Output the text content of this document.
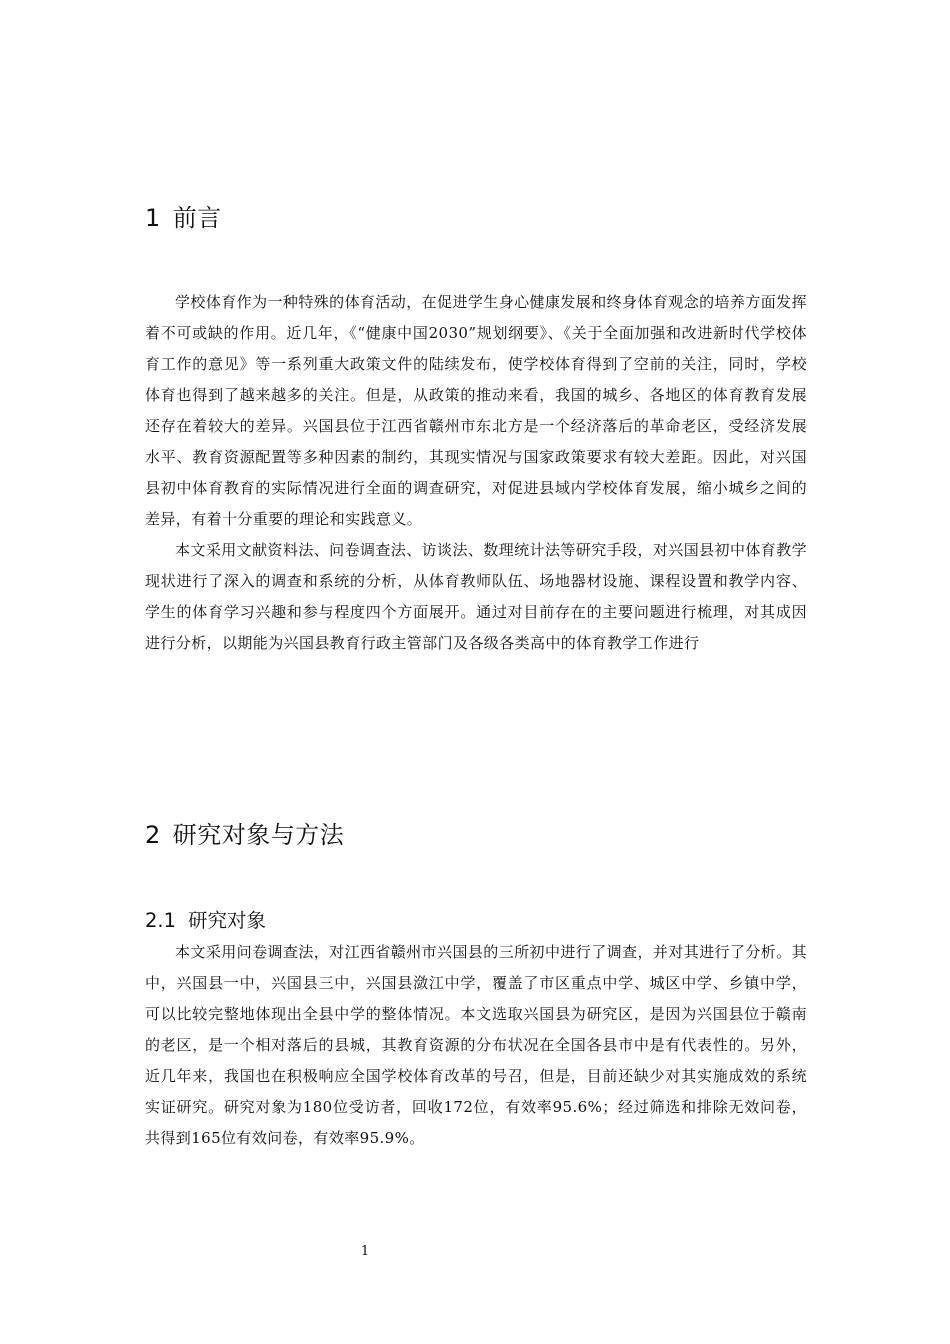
1 前言

学校体育作为一种特殊的体育活动，在促进学生身心健康发展和终身体育观念的培养方面发挥着不可或缺的作用。近几年，《“健康中国2030”规划纲要》、《关于全面加强和改进新时代学校体育工作的意见》等一系列重大政策文件的陆续发布，使学校体育得到了空前的关注，同时，学校体育也得到了越来越多的关注。但是，从政策的推动来看，我国的城乡、各地区的体育教育发展还存在着较大的差异。兴国县位于江西省赣州市东北方是一个经济落后的革命老区，受经济发展水平、教育资源配置等多种因素的制约，其现实情况与国家政策要求有较大差距。因此，对兴国县初中体育教育的实际情况进行全面的调查研究，对促进县域内学校体育发展，缩小城乡之间的差异，有着十分重要的理论和实践意义。

本文采用文献资料法、问卷调查法、访谈法、数理统计法等研究手段，对兴国县初中体育教学现状进行了深入的调查和系统的分析，从体育教师队伍、场地器材设施、课程设置和教学内容、学生的体育学习兴趣和参与程度四个方面展开。通过对目前存在的主要问题进行梳理，对其成因进行分析，以期能为兴国县教育行政主管部门及各级各类高中的体育教学工作进行

2 研究对象与方法
2.1 研究对象

本文采用问卷调查法，对江西省赣州市兴国县的三所初中进行了调查，并对其进行了分析。其中，兴国县一中，兴国县三中，兴国县潋江中学，覆盖了市区重点中学、城区中学、乡镇中学，可以比较完整地体现出全县中学的整体情况。本文选取兴国县为研究区，是因为兴国县位于赣南的老区，是一个相对落后的县城，其教育资源的分布状况在全国各县市中是有代表性的。另外，近几年来，我国也在积极响应全国学校体育改革的号召，但是，目前还缺少对其实施成效的系统实证研究。研究对象为180位受访者，回收172位，有效率95.6%；经过筛选和排除无效问卷，共得到165位有效问卷，有效率95.9%。

1
